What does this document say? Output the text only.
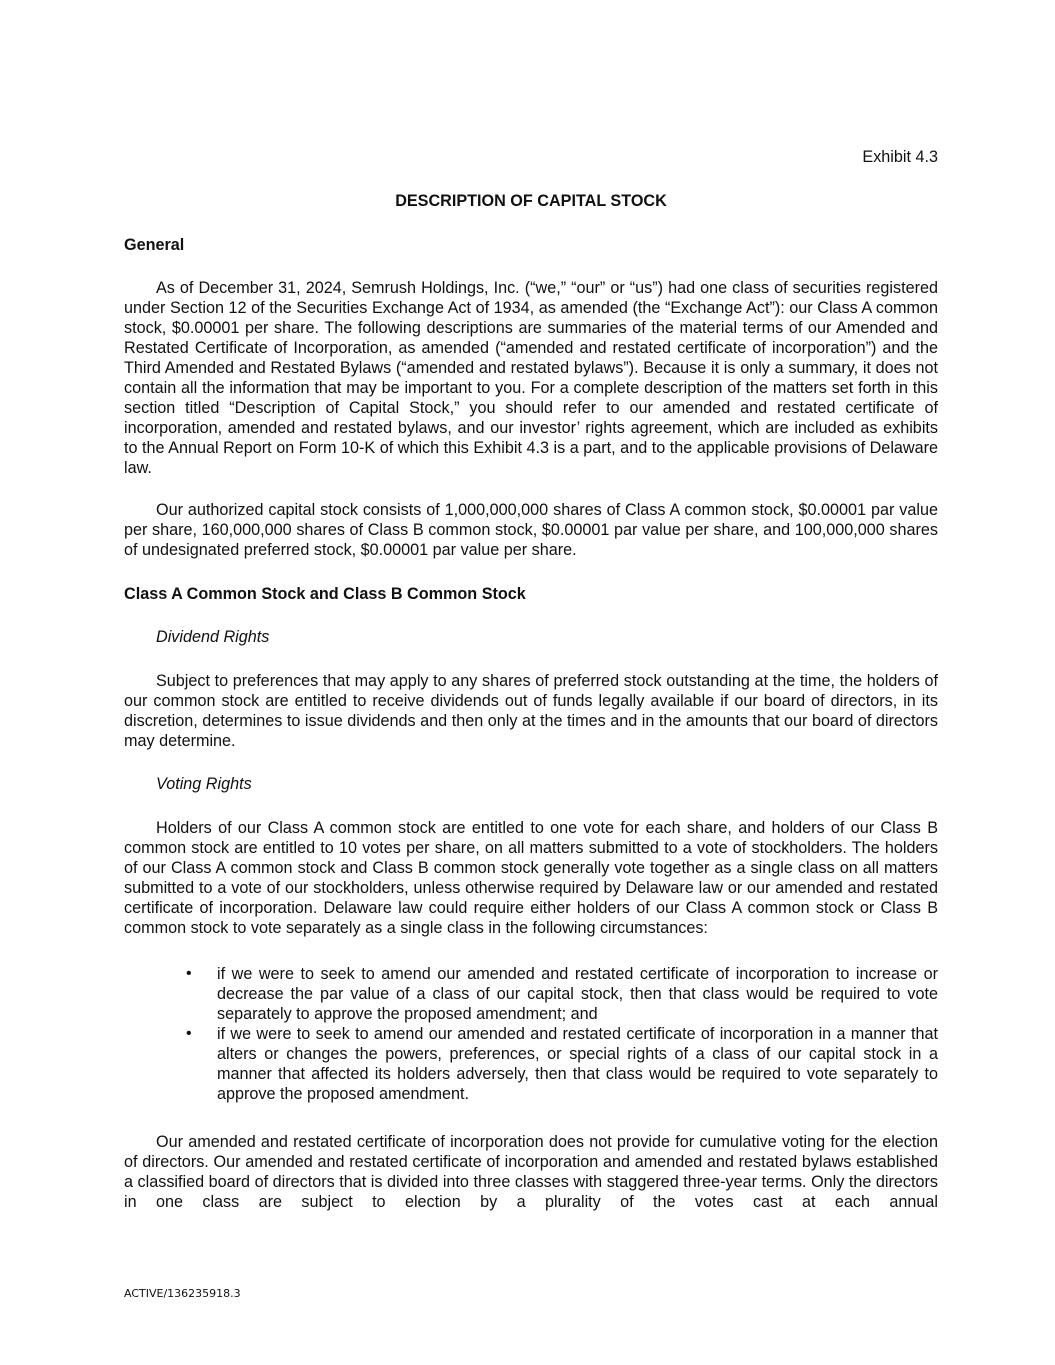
Exhibit 4.3
DESCRIPTION OF CAPITAL STOCK
General

As of December 31, 2024, Semrush Holdings, Inc. (“we,” “our” or “us”) had one class of securities registered under Section 12 of the Securities Exchange Act of 1934, as amended (the “Exchange Act”): our Class A common stock, $0.00001 per share. The following descriptions are summaries of the material terms of our Amended and Restated Certificate of Incorporation, as amended (“amended and restated certificate of incorporation”) and the Third Amended and Restated Bylaws (“amended and restated bylaws”). Because it is only a summary, it does not contain all the information that may be important to you. For a complete description of the matters set forth in this section titled “Description of Capital Stock,” you should refer to our amended and restated certificate of incorporation, amended and restated bylaws, and our investor’ rights agreement, which are included as exhibits to the Annual Report on Form 10-K of which this Exhibit 4.3 is a part, and to the applicable provisions of Delaware law.

Our authorized capital stock consists of 1,000,000,000 shares of Class A common stock, $0.00001 par value per share, 160,000,000 shares of Class B common stock, $0.00001 par value per share, and 100,000,000 shares of undesignated preferred stock, $0.00001 par value per share.

Class A Common Stock and Class B Common Stock
Dividend Rights

Subject to preferences that may apply to any shares of preferred stock outstanding at the time, the holders of our common stock are entitled to receive dividends out of funds legally available if our board of directors, in its discretion, determines to issue dividends and then only at the times and in the amounts that our board of directors may determine.

Voting Rights

Holders of our Class A common stock are entitled to one vote for each share, and holders of our Class B common stock are entitled to 10 votes per share, on all matters submitted to a vote of stockholders. The holders of our Class A common stock and Class B common stock generally vote together as a single class on all matters submitted to a vote of our stockholders, unless otherwise required by Delaware law or our amended and restated certificate of incorporation. Delaware law could require either holders of our Class A common stock or Class B common stock to vote separately as a single class in the following circumstances:

• if we were to seek to amend our amended and restated certificate of incorporation to increase or decrease the par value of a class of our capital stock, then that class would be required to vote separately to approve the proposed amendment; and
• if we were to seek to amend our amended and restated certificate of incorporation in a manner that alters or changes the powers, preferences, or special rights of a class of our capital stock in a manner that affected its holders adversely, then that class would be required to vote separately to approve the proposed amendment.

Our amended and restated certificate of incorporation does not provide for cumulative voting for the election of directors. Our amended and restated certificate of incorporation and amended and restated bylaws established a classified board of directors that is divided into three classes with staggered three-year terms. Only the directors in one class are subject to election by a plurality of the votes cast at each annual

ACTIVE/136235918.3
